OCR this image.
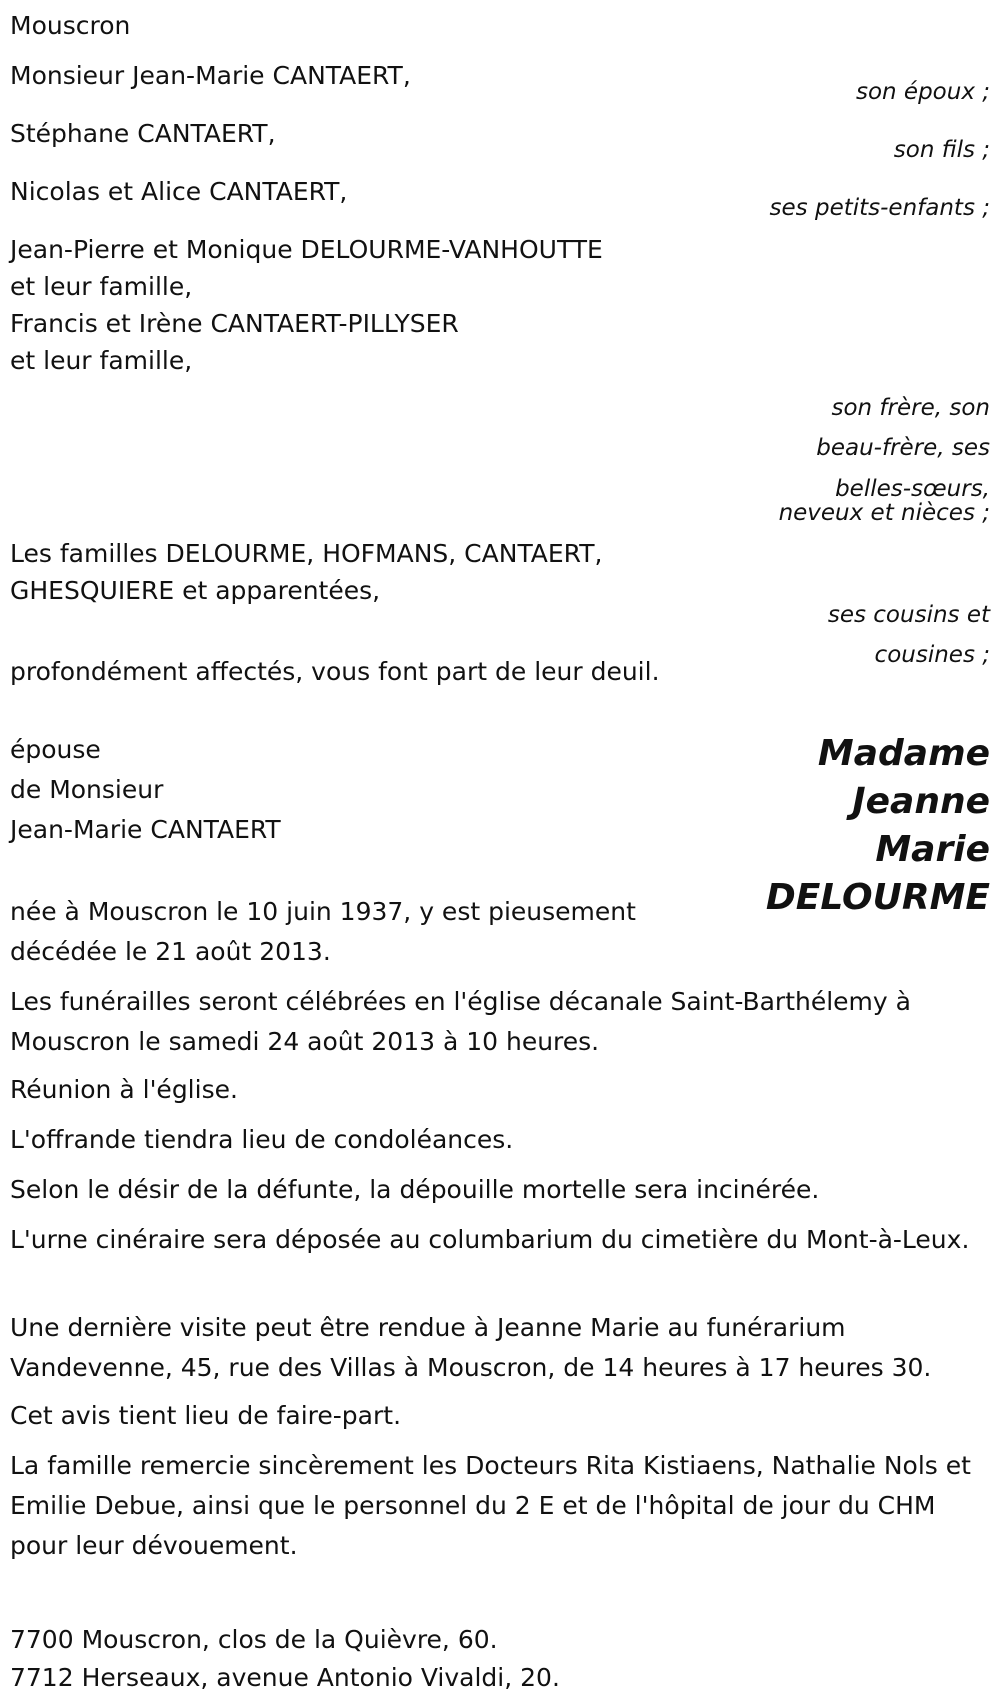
Mouscron
Monsieur Jean-Marie CANTAERT,
son époux ;
Stéphane CANTAERT,
son fils ;
Nicolas et Alice CANTAERT,
ses petits-enfants ;
Jean-Pierre et Monique DELOURME-VANHOUTTE
et leur famille,
Francis et Irène CANTAERT-PILLYSER
et leur famille,
son frère, son
beau-frère, ses
belles-sœurs,
neveux et nièces ;
Les familles DELOURME, HOFMANS, CANTAERT,
GHESQUIERE et apparentées,
ses cousins et
cousines ;
profondément affectés, vous font part de leur deuil.
épouse
de Monsieur
Jean-Marie CANTAERT
Madame
Jeanne
Marie
DELOURME
née à Mouscron le 10 juin 1937, y est pieusement
décédée le 21 août 2013.
Les funérailles seront célébrées en l'église décanale Saint-Barthélemy à Mouscron le samedi 24 août 2013 à 10 heures.
Réunion à l'église.
L'offrande tiendra lieu de condoléances.
Selon le désir de la défunte, la dépouille mortelle sera incinérée.
L'urne cinéraire sera déposée au columbarium du cimetière du Mont-à-Leux.
Une dernière visite peut être rendue à Jeanne Marie au funérarium Vandevenne, 45, rue des Villas à Mouscron, de 14 heures à 17 heures 30.
Cet avis tient lieu de faire-part.
La famille remercie sincèrement les Docteurs Rita Kistiaens, Nathalie Nols et Emilie Debue, ainsi que le personnel du 2 E et de l'hôpital de jour du CHM pour leur dévouement.
7700 Mouscron, clos de la Quièvre, 60.
7712 Herseaux, avenue Antonio Vivaldi, 20.
